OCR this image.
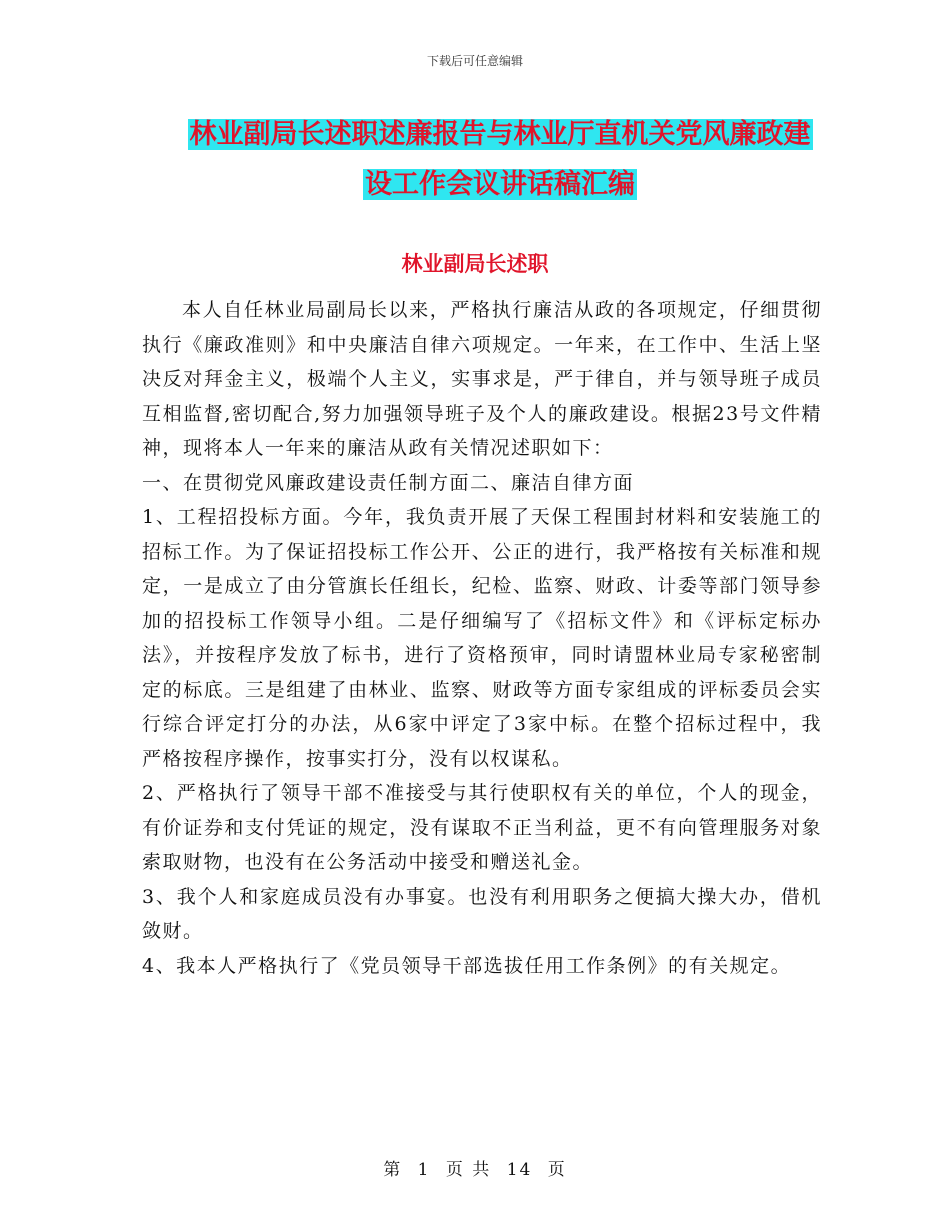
下载后可任意编辑
林业副局长述职述廉报告与林业厅直机关党风廉政建
设工作会议讲话稿汇编
林业副局长述职

本人自任林业局副局长以来，严格执行廉洁从政的各项规定，仔细贯彻执行《廉政准则》和中央廉洁自律六项规定。一年来，在工作中、生活上坚决反对拜金主义，极端个人主义，实事求是，严于律自，并与领导班子成员互相监督,密切配合,努力加强领导班子及个人的廉政建设。根据23号文件精神，现将本人一年来的廉洁从政有关情况述职如下：

一、在贯彻党风廉政建设责任制方面二、廉洁自律方面

1、工程招投标方面。今年，我负责开展了天保工程围封材料和安装施工的招标工作。为了保证招投标工作公开、公正的进行，我严格按有关标准和规定，一是成立了由分管旗长任组长，纪检、监察、财政、计委等部门领导参加的招投标工作领导小组。二是仔细编写了《招标文件》和《评标定标办法》，并按程序发放了标书，进行了资格预审，同时请盟林业局专家秘密制定的标底。三是组建了由林业、监察、财政等方面专家组成的评标委员会实行综合评定打分的办法，从6家中评定了3家中标。在整个招标过程中，我严格按程序操作，按事实打分，没有以权谋私。

2、严格执行了领导干部不准接受与其行使职权有关的单位，个人的现金，有价证券和支付凭证的规定，没有谋取不正当利益，更不有向管理服务对象索取财物，也没有在公务活动中接受和赠送礼金。

3、我个人和家庭成员没有办事宴。也没有利用职务之便搞大操大办，借机敛财。

4、我本人严格执行了《党员领导干部选拔任用工作条例》的有关规定。

第 1 页 共 14 页
